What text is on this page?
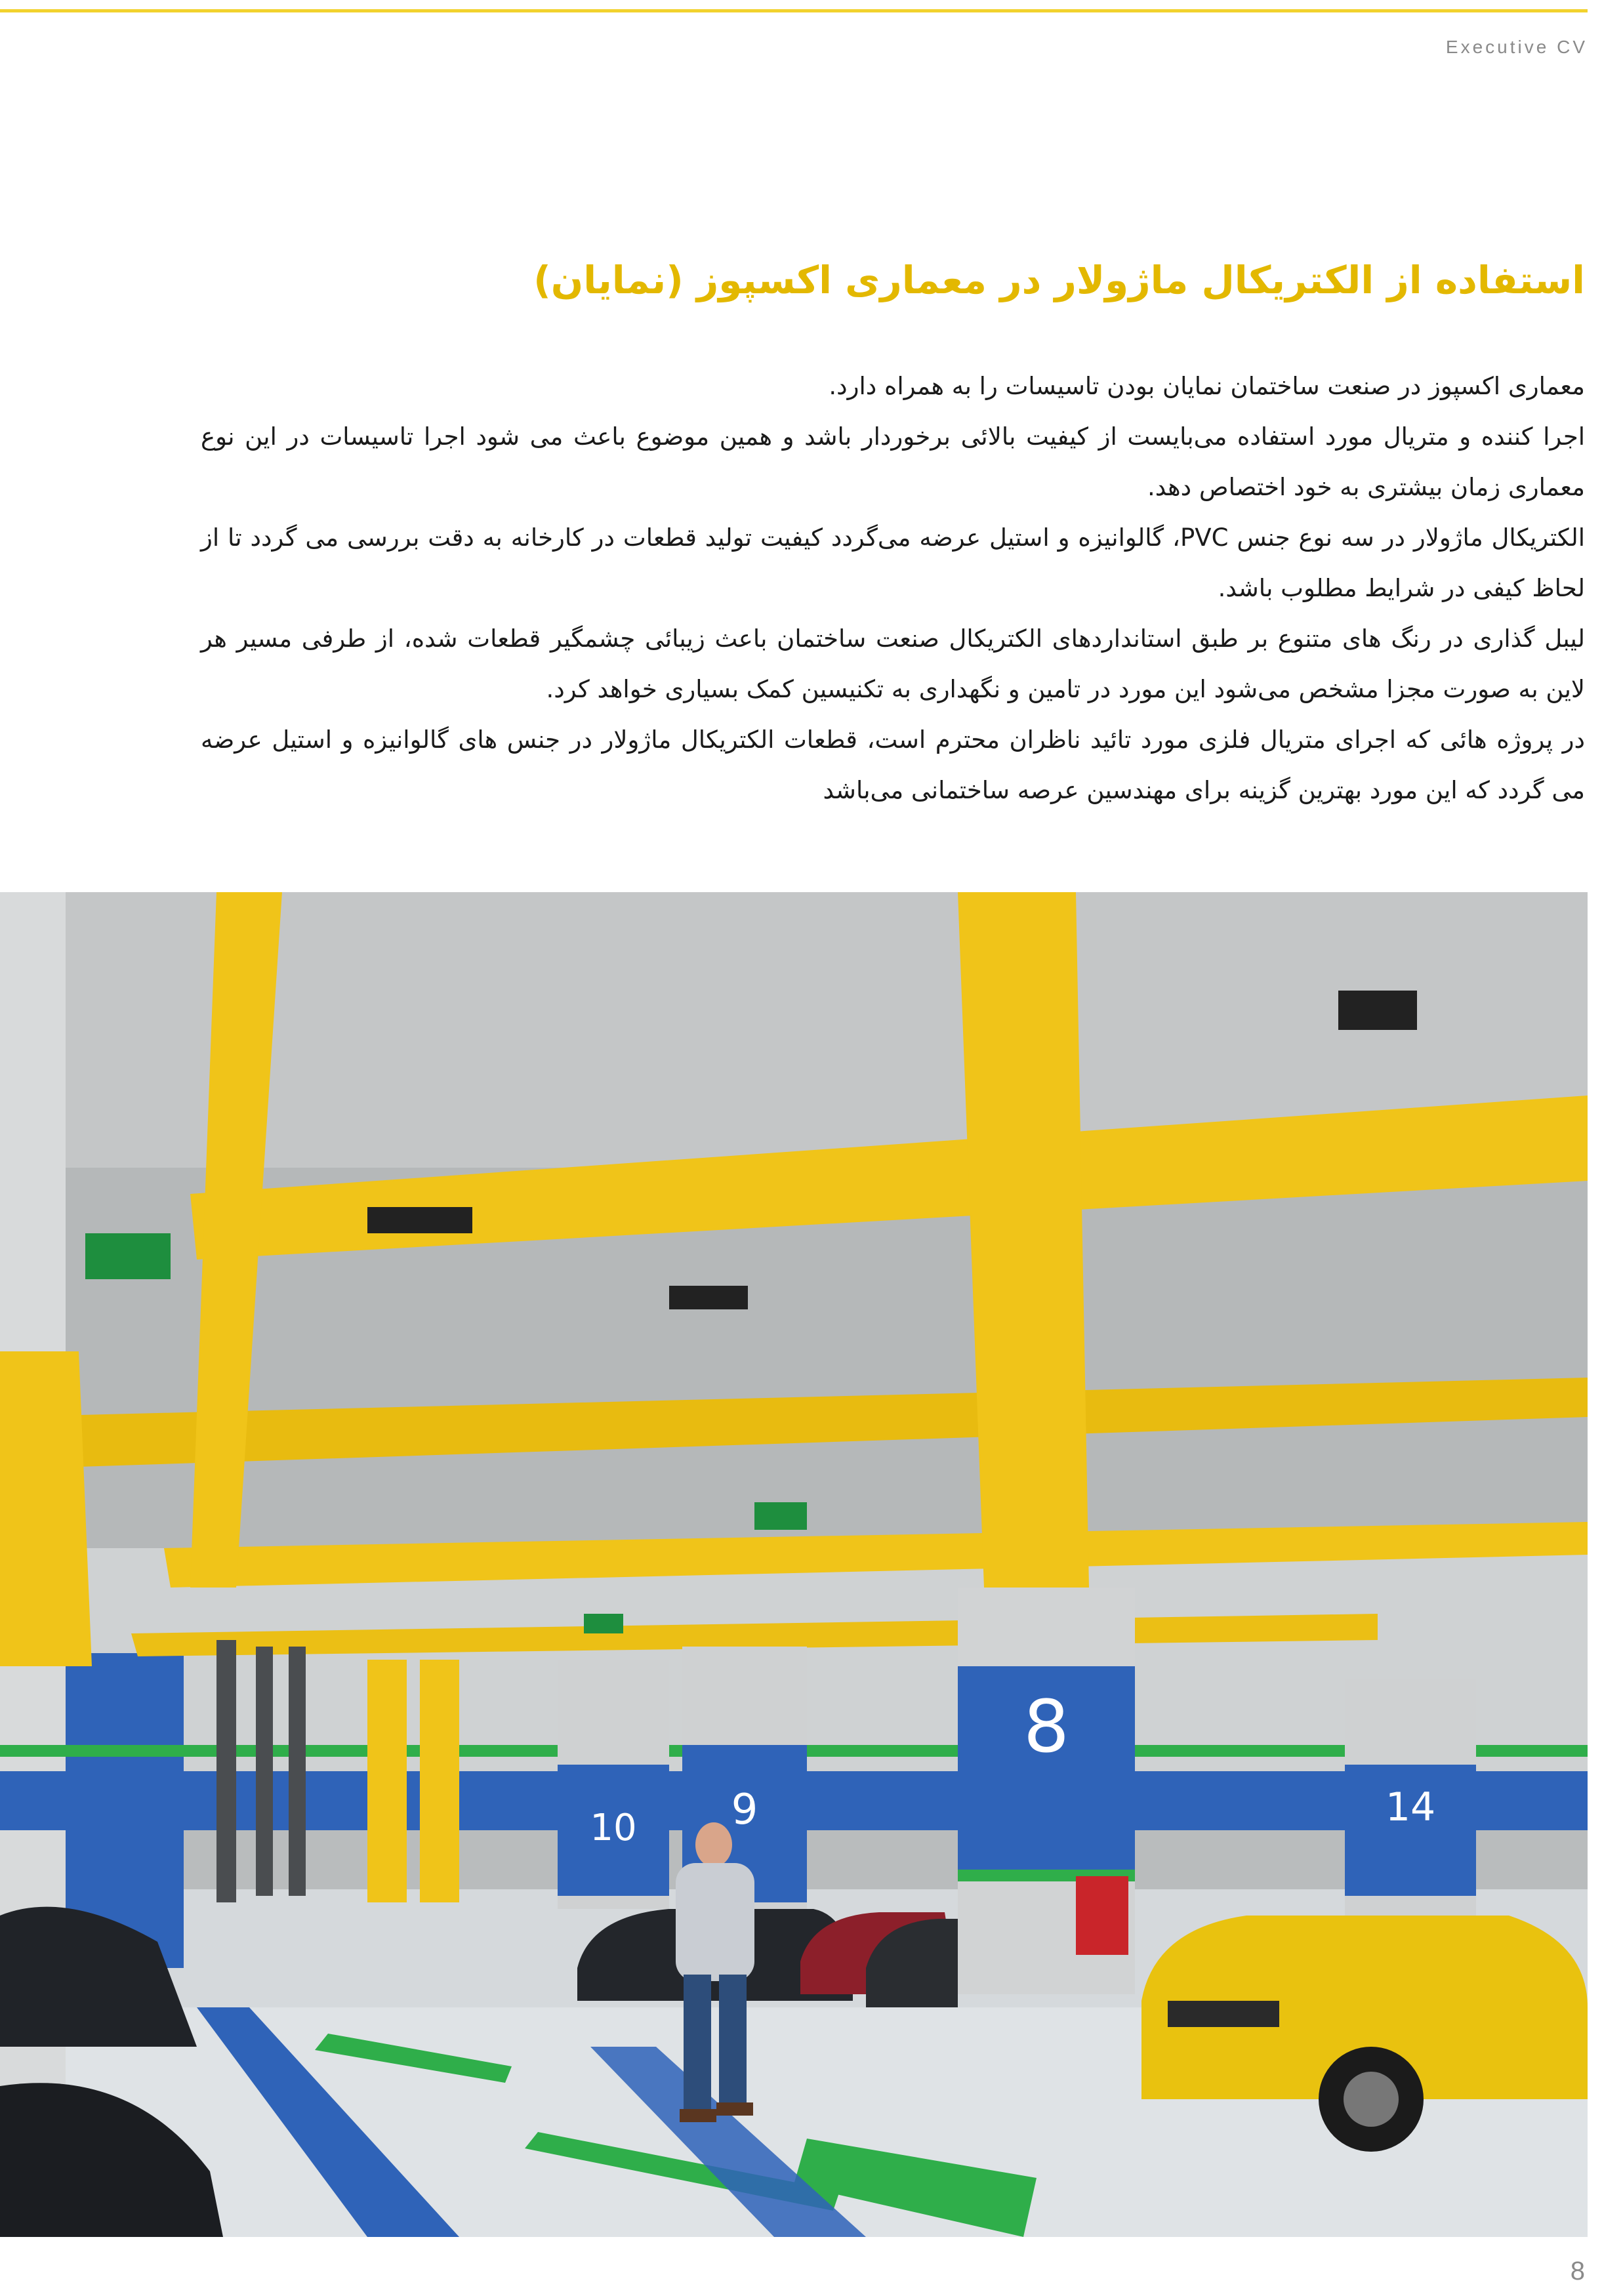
Executive CV
استفاده از الکتریکال ماژولار در معماری اکسپوز (نمایان)

معماری اکسپوز در صنعت ساختمان نمایان بودن تاسیسات را به همراه دارد.

اجرا کننده و متریال مورد استفاده می‌بایست از کیفیت بالائی برخوردار باشد و همین موضوع باعث می شود اجرا تاسیسات در این نوع معماری زمان بیشتری به خود اختصاص دهد.

الکتریکال ماژولار در سه نوع جنس PVC، گالوانیزه و استیل عرضه می‌گردد کیفیت تولید قطعات در کارخانه به دقت بررسی می گردد تا از لحاظ کیفی در شرایط مطلوب باشد.

لیبل گذاری در رنگ های متنوع بر طبق استانداردهای الکتریکال صنعت ساختمان باعث زیبائی چشمگیر قطعات شده، از طرفی مسیر هر لاین به صورت مجزا مشخص می‌شود این مورد در تامین و نگهداری به تکنیسین کمک بسیاری خواهد کرد.

در پروژه هائی که اجرای متریال فلزی مورد تائید ناظران محترم است، قطعات الکتریکال ماژولار در جنس های گالوانیزه و استیل عرضه می گردد که این مورد بهترین گزینه برای مهندسین عرصه ساختمانی می‌باشد

10 9
8
14
8
